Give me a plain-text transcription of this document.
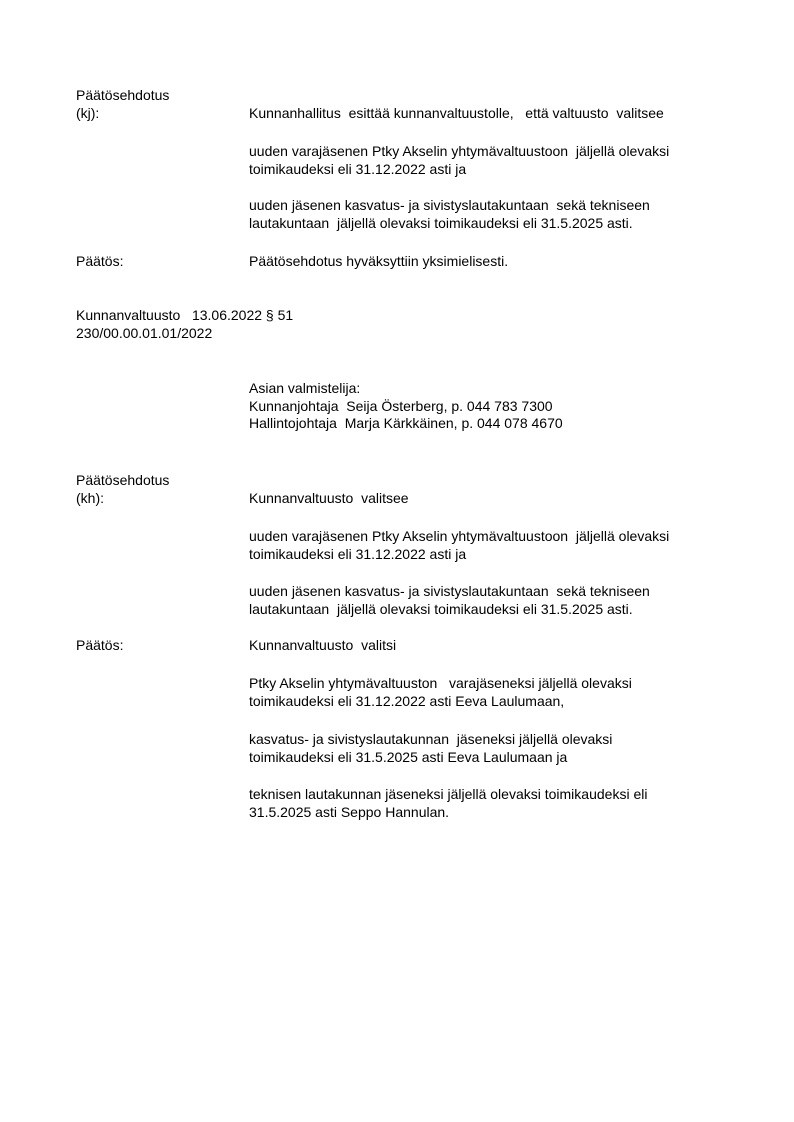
Päätösehdotus
(kj):	Kunnanhallitus  esittää kunnanvaltuustolle,   että valtuusto  valitsee
uuden varajäsenen Ptky Akselin yhtymävaltuustoon  jäljellä olevaksi toimikaudeksi eli 31.12.2022 asti ja
uuden jäsenen kasvatus- ja sivistyslautakuntaan  sekä tekniseen lautakuntaan  jäljellä olevaksi toimikaudeksi eli 31.5.2025 asti.
Päätös:	Päätösehdotus hyväksyttiin yksimielisesti.
Kunnanvaltuusto   13.06.2022 § 51
230/00.00.01.01/2022
Asian valmistelija:
Kunnanjohtaja  Seija Österberg, p. 044 783 7300
Hallintojohtaja  Marja Kärkkäinen, p. 044 078 4670
Päätösehdotus
(kh):	Kunnanvaltuusto  valitsee
uuden varajäsenen Ptky Akselin yhtymävaltuustoon  jäljellä olevaksi toimikaudeksi eli 31.12.2022 asti ja
uuden jäsenen kasvatus- ja sivistyslautakuntaan  sekä tekniseen lautakuntaan  jäljellä olevaksi toimikaudeksi eli 31.5.2025 asti.
Päätös:	Kunnanvaltuusto  valitsi
Ptky Akselin yhtymävaltuuston   varajäseneksi jäljellä olevaksi toimikaudeksi eli 31.12.2022 asti Eeva Laulumaan,
kasvatus- ja sivistyslautakunnan  jäseneksi jäljellä olevaksi toimikaudeksi eli 31.5.2025 asti Eeva Laulumaan ja
teknisen lautakunnan jäseneksi jäljellä olevaksi toimikaudeksi eli 31.5.2025 asti Seppo Hannulan.
